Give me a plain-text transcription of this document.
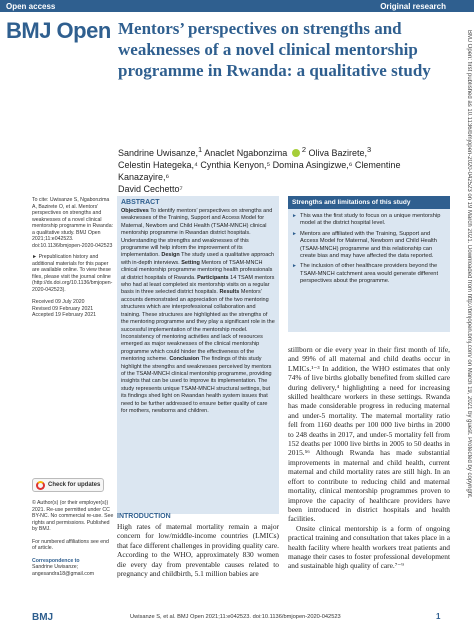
Open access	Original research
BMJ Open: first published as 10.1136/bmjopen-2020-042523 on 19 March 2021. Downloaded from http://bmjopen.bmj.com/ on March 19, 2021 by guest. Protected by copyright.
BMJ Open Mentors’ perspectives on strengths and weaknesses of a novel clinical mentorship programme in Rwanda: a qualitative study
Sandrine Uwisanze,$^1$ Anaclet Ngabonzima $^2$ Oliva Bazirete,$^3$
Celestin Hategeka,⁴ Cynthia Kenyon,⁵ Domina Asingizwe,⁶ Clementine Kanazayire,⁶
David Cechetto⁷

To cite: Uwisanze S, Ngabonzima A, Bazirete O, et al. Mentors’ perspectives on strengths and weaknesses of a novel clinical mentorship programme in Rwanda: a qualitative study. BMJ Open 2021;11:e042523. doi:10.1136/bmjopen-2020-042523

► Prepublication history and additional materials for this paper are available online. To view these files, please visit the journal online (http://dx.doi.org/10.1136/bmjopen-2020-042523).

Received 09 July 2020
Revised 09 February 2021
Accepted 19 February 2021
Check for updates

© Author(s) (or their employer(s)) 2021. Re-use permitted under CC BY-NC. No commercial re-use. See rights and permissions. Published by BMJ.

For numbered affiliations see end of article.

Correspondence to
Sandrine Uwisanze;
angesandra18@gmail.com
ABSTRACT

Objectives To identify mentors’ perspectives on strengths and weaknesses of the Training, Support and Access Model for Maternal, Newborn and Child Health (TSAM-MNCH) clinical mentorship programme in Rwandan district hospitals. Understanding the strengths and weaknesses of this programme will help inform the improvement of its implementation. Design The study used a qualitative approach with in-depth interviews. Setting Mentors of TSAM-MNCH clinical mentorship programme mentoring health professionals at district hospitals of Rwanda. Participants 14 TSAM mentors who had at least completed six mentorship visits on a regular basis in three selected district hospitals. Results Mentors’ accounts demonstrated an appreciation of the two mentoring structures which are interprofessional collaboration and training. These structures are highlighted as the strengths of the mentoring programme and they play a significant role in the successful implementation of the mentorship model. Inconsistency of mentoring activities and lack of resources emerged as major weaknesses of the clinical mentorship programme which could hinder the effectiveness of the mentoring scheme. Conclusion The findings of this study highlight the strengths and weaknesses perceived by mentors of the TSAM-MNCH clinical mentorship programme, providing insights that can be used to improve its implementation. The study represents unique TSAM-MNCH structural settings, but its findings shed light on Rwandan health system issues that need to be further addressed to ensure better quality of care for mothers, newborns and children.

Strengths and limitations of this study
► This was the first study to focus on a unique mentorship model at the district hospital level.
► Mentors are affiliated with the Training, Support and Access Model for Maternal, Newborn and Child Health (TSAM-MNCH) programme and this relationship can create bias and may have affected the data reported.
► The inclusion of other healthcare providers beyond the TSAM-MNCH catchment area would generate different perspectives about the programme.

stillborn or die every year in their first month of life, and 99% of all maternal and child deaths occur in LMICs.¹⁻³ In addition, the WHO estimates that only 74% of live births globally benefited from skilled care during delivery,⁴ highlighting a need for increasing skilled healthcare workers in these settings. Rwanda has made considerable progress in reducing maternal and under-5 mortality. The maternal mortality ratio fell from 1160 deaths per 100 000 live births in 2000 to 248 deaths in 2017, and under-5 mortality fell from 152 deaths per 1000 live births in 2005 to 50 deaths in 2015.⁵⁶ Although Rwanda has made substantial improvements in maternal and child health, current maternal and child mortality rates are still high. In an effort to contribute to reducing child and maternal mortality, clinical mentorship programmes proven to improve the capacity of healthcare providers have been introduced in district hospitals and health facilities.

Onsite clinical mentorship is a form of ongoing practical training and consultation that takes place in a health facility where health workers treat patients and manage their cases to foster professional development and sustainable high quality of care.⁷⁻⁹

INTRODUCTION
High rates of maternal mortality remain a major concern for low/middle-income countries (LMICs) that face different challenges in providing quality care. According to the WHO, approximately 830 women die every day from preventable causes related to pregnancy and childbirth, 5.1 million babies are
BMJ	Uwisanze S, et al. BMJ Open 2021;11:e042523. doi:10.1136/bmjopen-2020-042523	1
